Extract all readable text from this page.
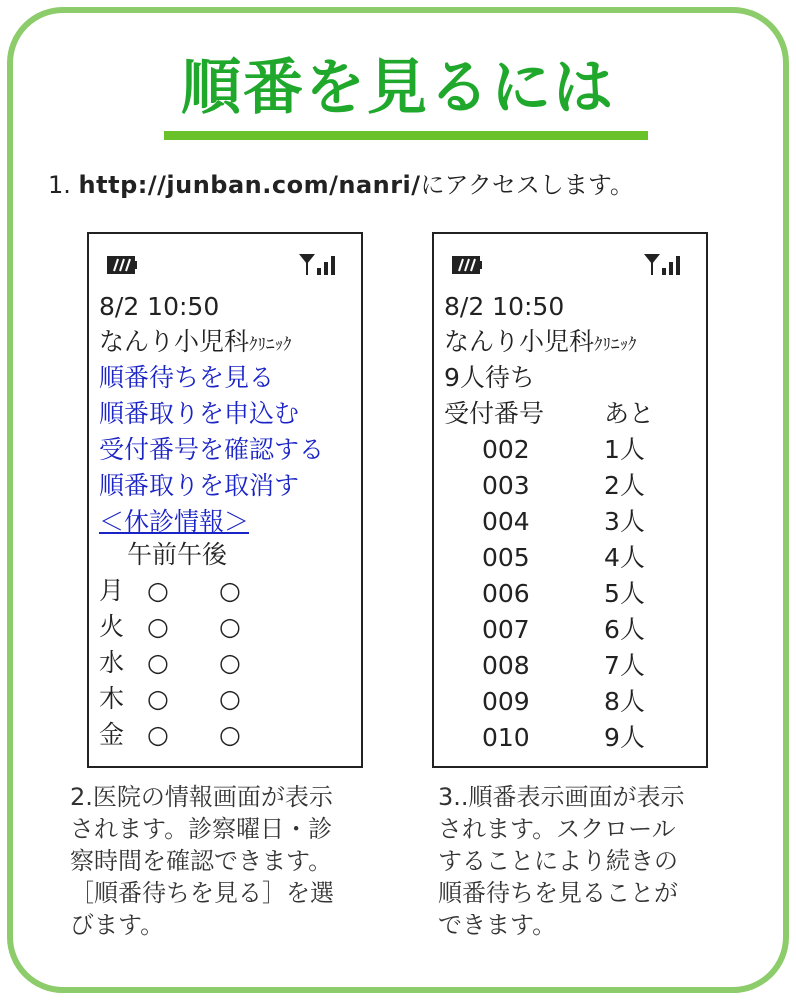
順番を見るには
1. http://junban.com/nanri/にアクセスします。
8/2 10:50
なんり小児科ｸﾘﾆｯｸ
順番待ちを見る
順番取りを申込む
受付番号を確認する
順番取りを取消す
＜休診情報＞
午前午後
月 ○ ○
火 ○ ○
水 ○ ○
木 ○ ○
金 ○ ○
8/2 10:50
なんり小児科ｸﾘﾆｯｸ
9人待ち
受付番号 あと
002	1人
003	2人
004	3人
005	4人
006	5人
007	6人
008	7人
009	8人
010	9人
2.医院の情報画面が表示
されます。診察曜日・診
察時間を確認できます。
［順番待ちを見る］を選
びます。
3..順番表示画面が表示
されます。スクロール
することにより続きの
順番待ちを見ることが
できます。
